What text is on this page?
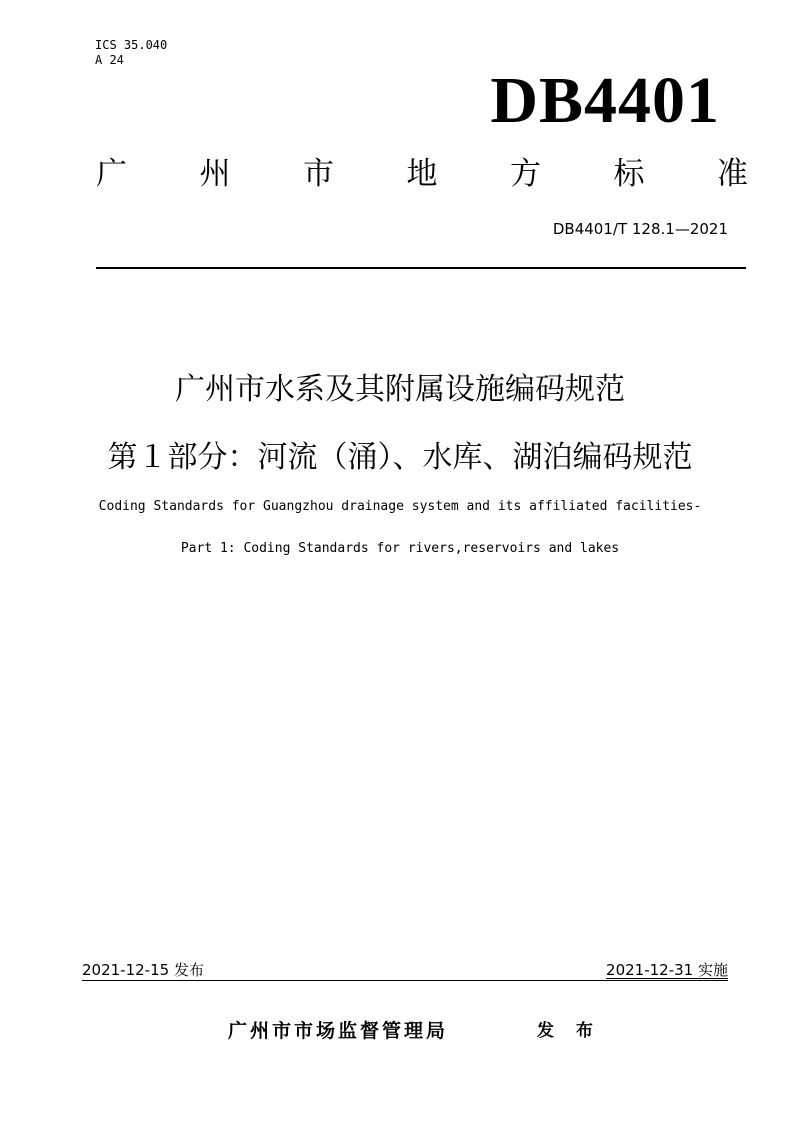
ICS 35.040
A 24
DB4401
广 州 市 地 方 标 准
DB4401/T 128.1—2021
广州市水系及其附属设施编码规范
第１部分：河流（涌）、水库、湖泊编码规范
Coding Standards for Guangzhou drainage system and its affiliated facilities-
Part 1: Coding Standards for rivers,reservoirs and lakes
2021-12-15 发布	2021-12-31 实施
广州市市场监督管理局	发 布
